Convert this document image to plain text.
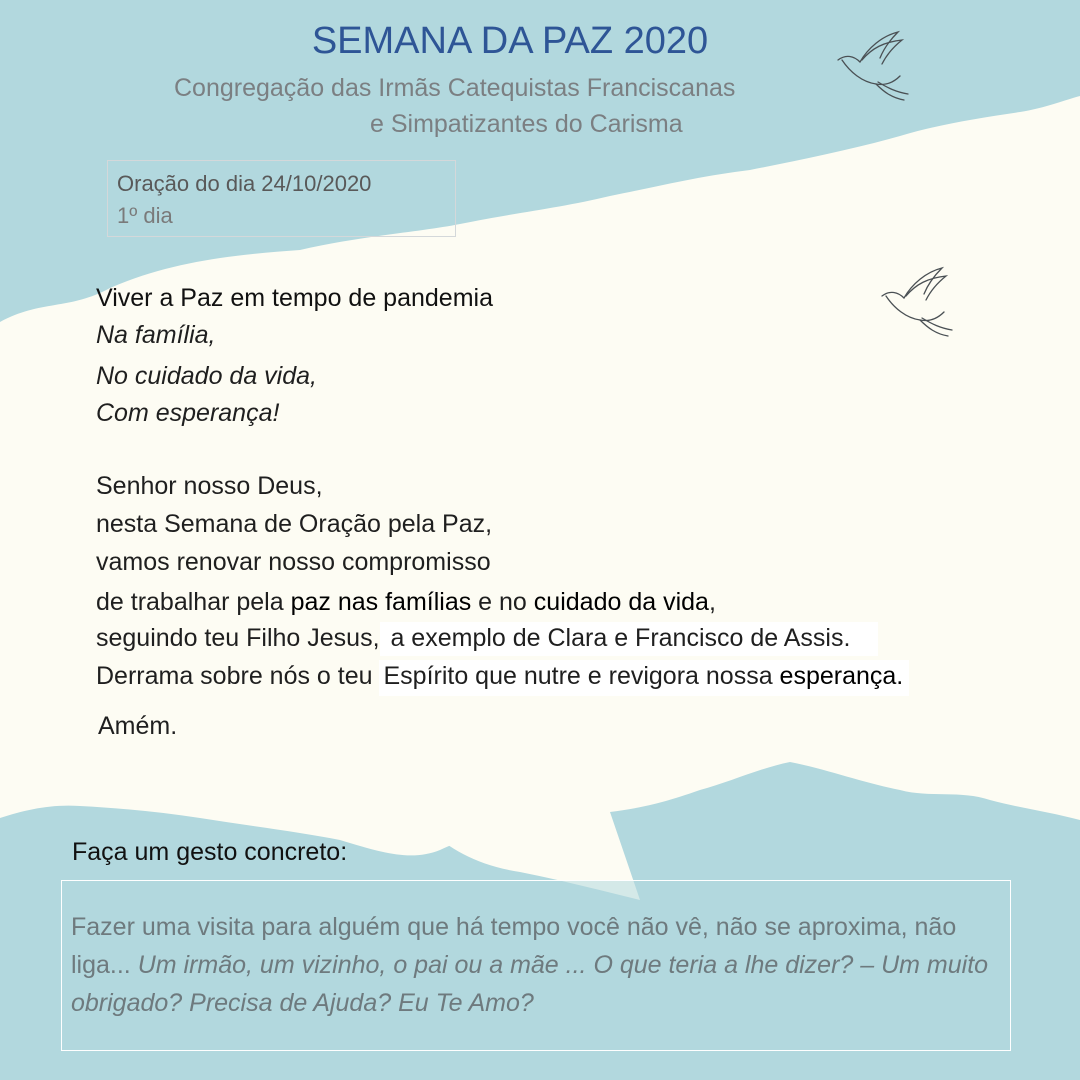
SEMANA DA PAZ 2020
Congregação das Irmãs Catequistas Franciscanas
e Simpatizantes do Carisma
Oração do dia 24/10/2020
1º dia
Viver a Paz em tempo de pandemia
Na família,
No cuidado da vida,
Com esperança!
Senhor nosso Deus,
nesta Semana de Oração pela Paz,
vamos renovar nosso compromisso
de trabalhar pela paz nas famílias e no cuidado da vida,
seguindo teu Filho Jesus, a exemplo de Clara e Francisco de Assis.
Derrama sobre nós o teu Espírito que nutre e revigora nossa esperança.
Amém.
Faça um gesto concreto:
Fazer uma visita para alguém que há tempo você não vê, não se aproxima, não liga... Um irmão, um vizinho, o pai ou a mãe ... O que teria a lhe dizer? – Um muito obrigado? Precisa de Ajuda? Eu Te Amo?
